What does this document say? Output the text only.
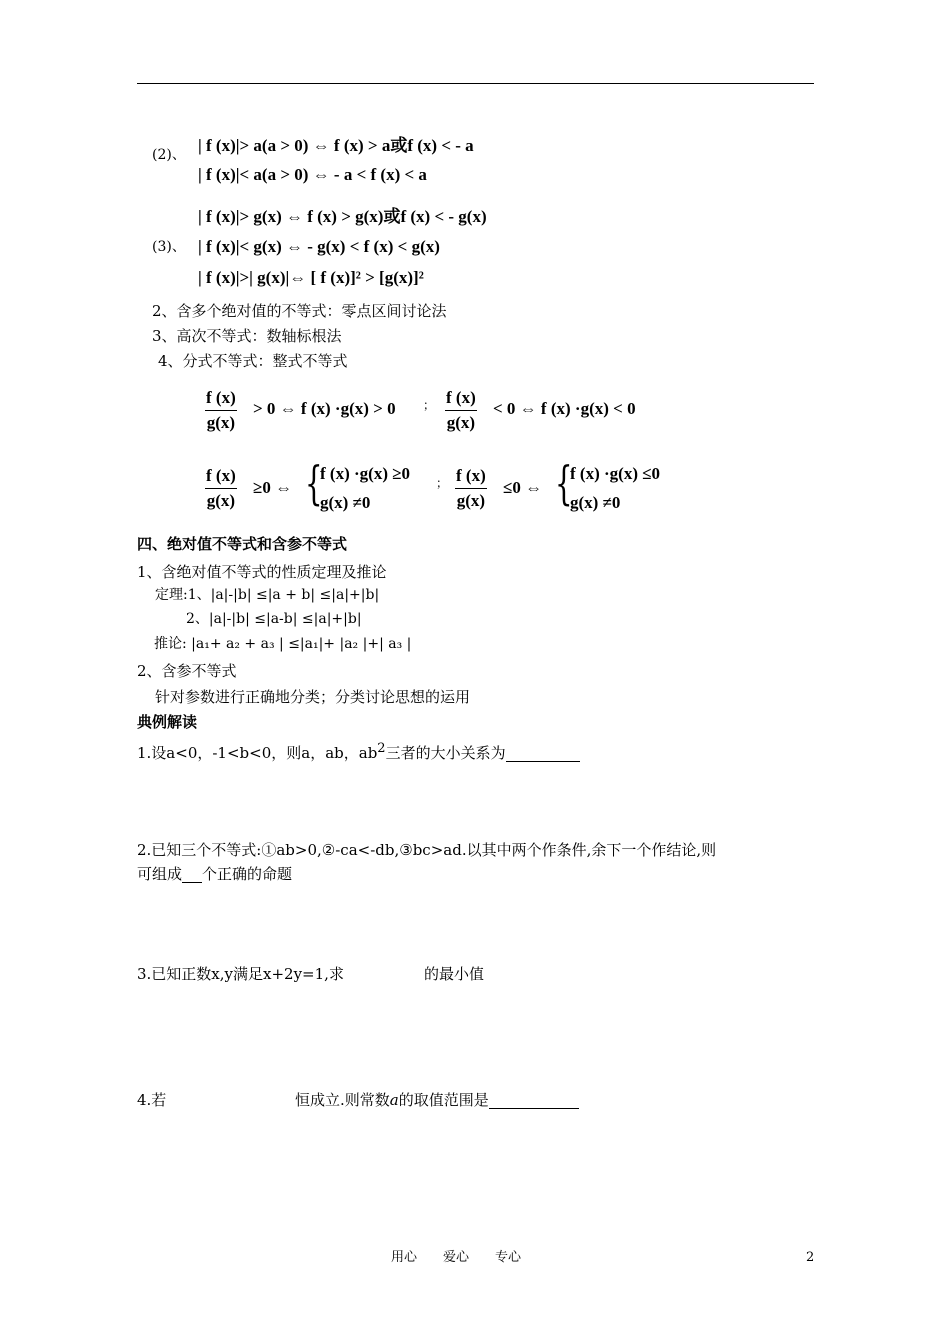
(2)、 | f (x)|> a(a > 0) ⇔ f (x) > a或f (x) < - a
| f (x)|< a(a > 0) ⇔ - a < f (x) < a
| f (x)|> g(x) ⇔ f (x) > g(x)或f (x) < - g(x)
(3)、 | f (x)|< g(x) ⇔ - g(x) < f (x) < g(x)
| f (x)|>| g(x)|⇔ [ f (x)]² > [g(x)]²
2、含多个绝对值的不等式：零点区间讨论法
3、高次不等式：数轴标根法
4、分式不等式：整式不等式
$\frac{f (x)}{g(x)} > 0$ ⇔ f (x) ·g(x) > 0 ； $\frac{f (x)}{g(x)} < 0$ ⇔ f (x) ·g(x) < 0
$\frac{f (x)}{g(x)} \ge 0$ ⇔ {
f (x) ·g(x) ≥0
g(x) ≠0
； $\frac{f (x)}{g(x)} \le 0$ ⇔ {
f (x) ·g(x) ≤0
g(x) ≠0
四、绝对值不等式和含参不等式
1、含绝对值不等式的性质定理及推论
定理:1、|a|-|b| ≤|a + b| ≤|a|+|b|
2、|a|-|b| ≤|a-b| ≤|a|+|b|
推论: |a₁+ a₂ + a₃ | ≤|a₁|+ |a₂ |+| a₃ |
2、含参不等式
针对参数进行正确地分类；分类讨论思想的运用
典例解读
1.设a<0，-1<b<0，则a，ab，$ab^2$三者的大小关系为
2.已知三个不等式:①ab>0,②-ca<-db,③bc>ad.以其中两个作条件,余下一个作结论,则
可组成 个正确的命题
3.已知正数x,y满足x+2y=1,求	的最小值
4.若	恒成立.则常数a的取值范围是
用心　　爱心　　专心	2
